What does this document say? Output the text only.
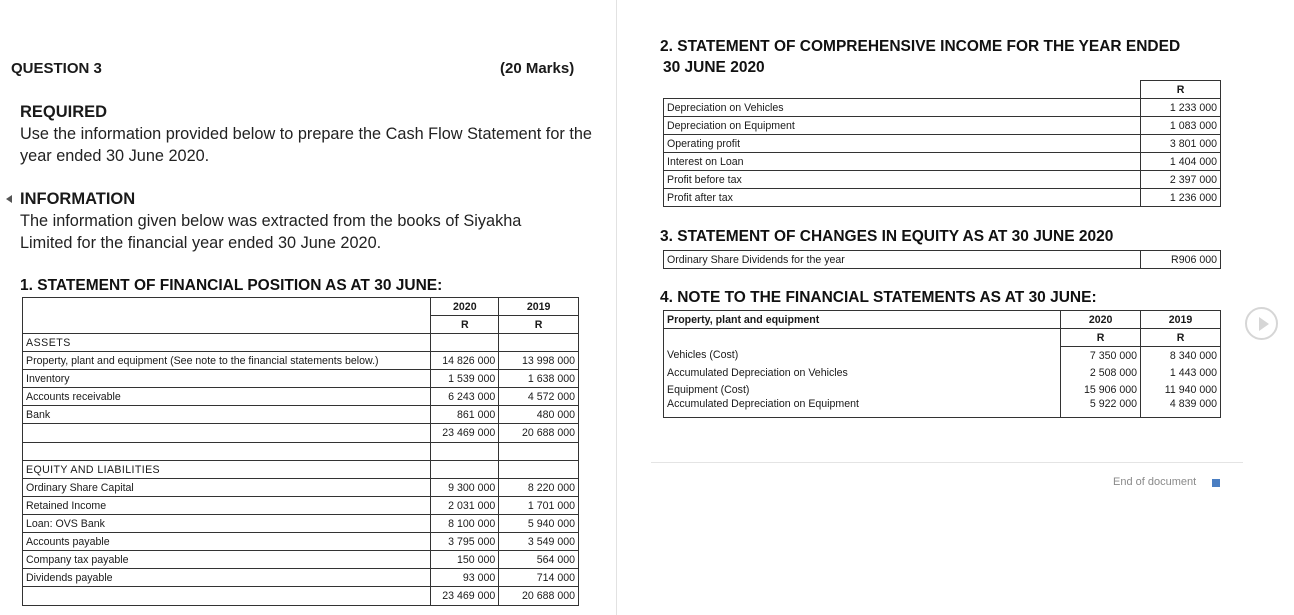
QUESTION 3	(20 Marks)
REQUIRED
Use the information provided below to prepare the Cash Flow Statement for the
year ended 30 June 2020.
INFORMATION
The information given below was extracted from the books of Siyakha
Limited for the financial year ended 30 June 2020.
1. STATEMENT OF FINANCIAL POSITION AS AT 30 JUNE:
	2020	2019
	R	R
ASSETS		
Property, plant and equipment (See note to the financial statements below.)	14 826 000	13 998 000
Inventory	1 539 000	1 638 000
Accounts receivable	6 243 000	4 572 000
Bank	861 000	480 000
	23 469 000	20 688 000

EQUITY AND LIABILITIES		
Ordinary Share Capital	9 300 000	8 220 000
Retained Income	2 031 000	1 701 000
Loan: OVS Bank	8 100 000	5 940 000
Accounts payable	3 795 000	3 549 000
Company tax payable	150 000	564 000
Dividends payable	93 000	714 000
	23 469 000	20 688 000
2. STATEMENT OF COMPREHENSIVE INCOME FOR THE YEAR ENDED
30 JUNE 2020
	R
Depreciation on Vehicles	1 233 000
Depreciation on Equipment	1 083 000
Operating profit	3 801 000
Interest on Loan	1 404 000
Profit before tax	2 397 000
Profit after tax	1 236 000
3. STATEMENT OF CHANGES IN EQUITY AS AT 30 JUNE 2020
Ordinary Share Dividends for the year	R906 000
4. NOTE TO THE FINANCIAL STATEMENTS AS AT 30 JUNE:
Property, plant and equipment	2020	2019
	R	R
Vehicles (Cost)	7 350 000	8 340 000
Accumulated Depreciation on Vehicles	2 508 000	1 443 000
Equipment (Cost)	15 906 000	11 940 000
Accumulated Depreciation on Equipment	5 922 000	4 839 000
End of document
